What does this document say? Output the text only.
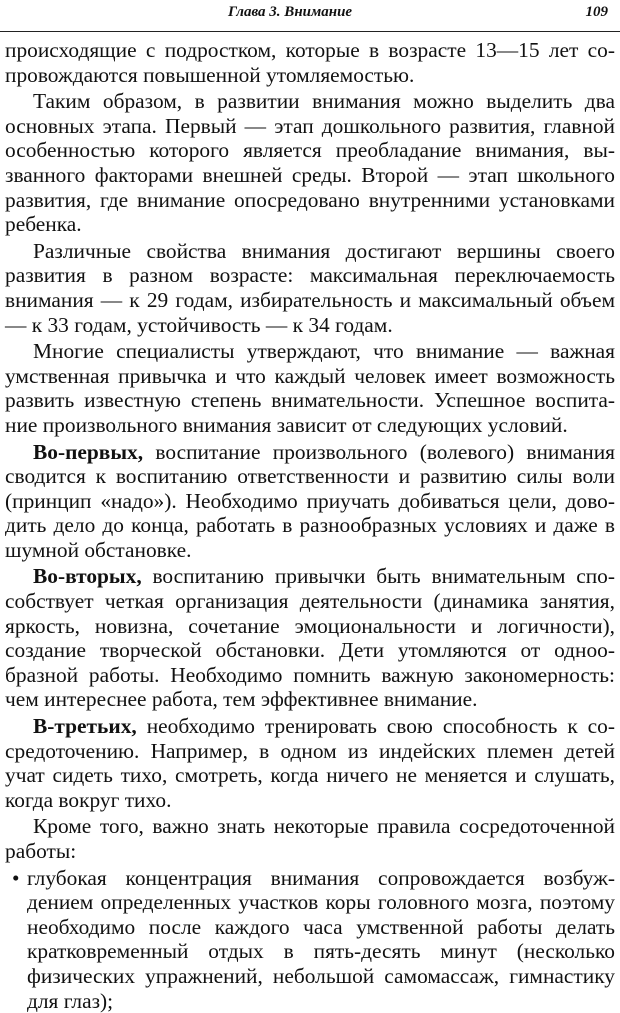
Глава 3. Внимание	109

происходящие с подростком, которые в возрасте 13—15 лет сопровождаются повышенной утомляемостью.

Таким образом, в развитии внимания можно выделить два основных этапа. Первый — этап дошкольного развития, главной особенностью которого является преобладание внимания, вызванного факторами внешней среды. Второй — этап школьного развития, где внимание опосредовано внутренними установками ребенка.

Различные свойства внимания достигают вершины своего развития в разном возрасте: максимальная переключаемость внимания — к 29 годам, избирательность и максимальный объем — к 33 годам, устойчивость — к 34 годам.

Многие специалисты утверждают, что внимание — важная умственная привычка и что каждый человек имеет возможность развить известную степень внимательности. Успешное воспитание произвольного внимания зависит от следующих условий.

Во-первых, воспитание произвольного (волевого) внимания сводится к воспитанию ответственности и развитию силы воли (принцип «надо»). Необходимо приучать добиваться цели, доводить дело до конца, работать в разнообразных условиях и даже в шумной обстановке.

Во-вторых, воспитанию привычки быть внимательным способствует четкая организация деятельности (динамика занятия, яркость, новизна, сочетание эмоциональности и логичности), создание творческой обстановки. Дети утомляются от однообразной работы. Необходимо помнить важную закономерность: чем интереснее работа, тем эффективнее внимание.

В-третьих, необходимо тренировать свою способность к сосредоточению. Например, в одном из индейских племен детей учат сидеть тихо, смотреть, когда ничего не меняется и слушать, когда вокруг тихо.

Кроме того, важно знать некоторые правила сосредоточенной работы:

• глубокая концентрация внимания сопровождается возбуждением определенных участков коры головного мозга, поэтому необходимо после каждого часа умственной работы делать кратковременный отдых в пять-десять минут (несколько физических упражнений, небольшой самомассаж, гимнастику для глаз);
